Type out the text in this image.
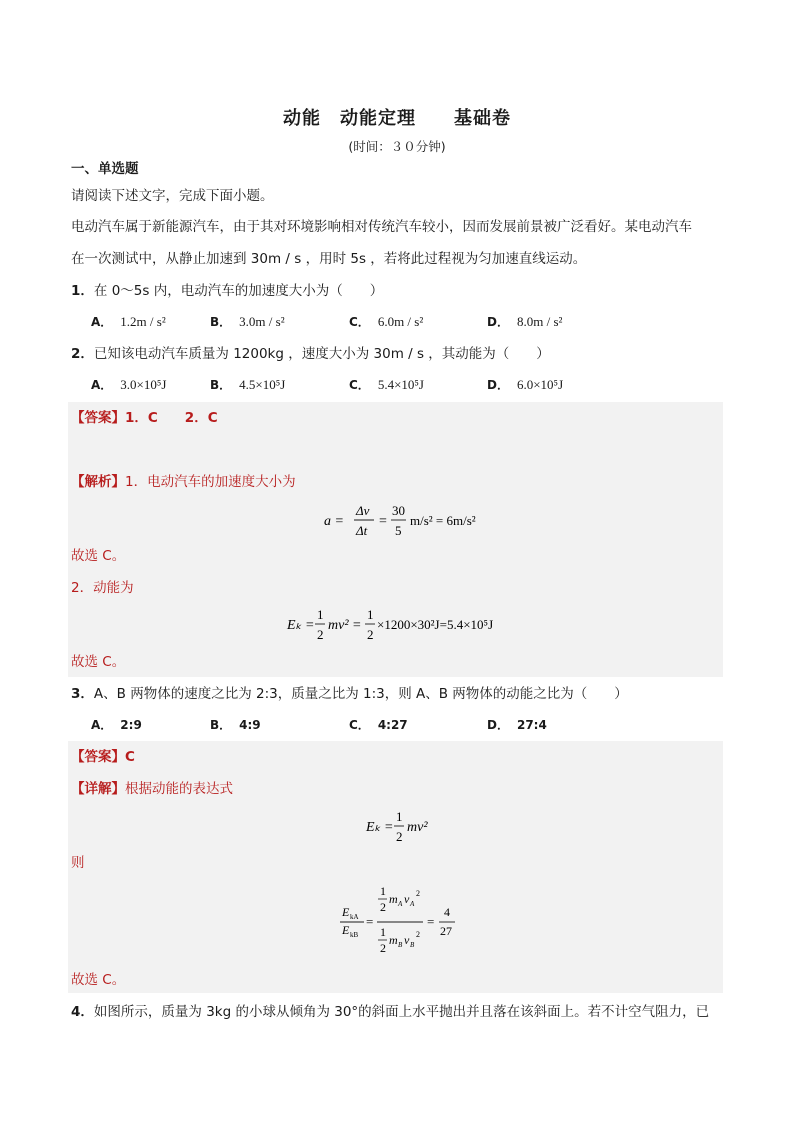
动能　动能定理　　基础卷
(时间：３０分钟)
一、单选题
请阅读下述文字，完成下面小题。
电动汽车属于新能源汽车，由于其对环境影响相对传统汽车较小，因而发展前景被广泛看好。某电动汽车
在一次测试中，从静止加速到 30m / s ，用时 5s ，若将此过程视为匀加速直线运动。
1．在 0～5s 内，电动汽车的加速度大小为（　　）
A． 1.2m / s²	B． 3.0m / s²	C． 6.0m / s²	D． 8.0m / s²
2．已知该电动汽车质量为 1200kg ，速度大小为 30m / s ，其动能为（　　）
A． 3.0×10⁵J	B． 4.5×10⁵J	C． 5.4×10⁵J	D． 6.0×10⁵J
【答案】1．C　　2．C
【解析】1．电动汽车的加速度大小为
a =
Δv
Δt
=
30
5
m/s² = 6m/s²
故选 C。
2．动能为
Eₖ =
1
2
mv² =
1
2
×1200×30²J=5.4×10⁵J
故选 C。
3．A、B 两物体的速度之比为 2:3，质量之比为 1:3，则 A、B 两物体的动能之比为（　　）
A． 2:9	B． 4:9	C． 4:27	D． 27:4
【答案】C
【详解】根据动能的表达式
Eₖ =
1
2
mv²
则
E kA
E kB
=
1
2
m A v A
2
1
2
m B v B
2
=
4
27
故选 C。
4．如图所示，质量为 3kg 的小球从倾角为 30°的斜面上水平抛出并且落在该斜面上。若不计空气阻力，已
